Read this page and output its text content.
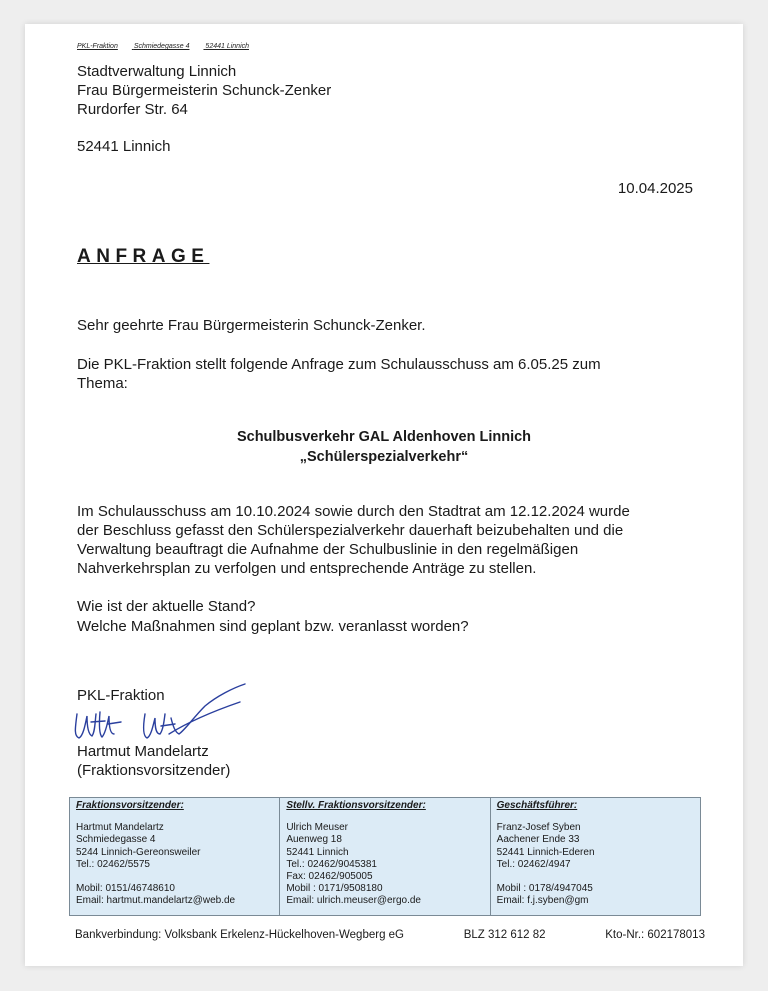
PKL-Fraktion Schmiedegasse 4 52441 Linnich
Stadtverwaltung Linnich
Frau Bürgermeisterin Schunck-Zenker
Rurdorfer Str. 64
52441 Linnich
10.04.2025
ANFRAGE
Sehr geehrte Frau Bürgermeisterin Schunck-Zenker.
Die PKL-Fraktion stellt folgende Anfrage zum Schulausschuss am 6.05.25 zum
Thema:
Schulbusverkehr GAL Aldenhoven Linnich
„Schülerspezialverkehr“
Im Schulausschuss am 10.10.2024 sowie durch den Stadtrat am 12.12.2024 wurde
der Beschluss gefasst den Schülerspezialverkehr dauerhaft beizubehalten und die
Verwaltung beauftragt die Aufnahme der Schulbuslinie in den regelmäßigen
Nahverkehrsplan zu verfolgen und entsprechende Anträge zu stellen.
Wie ist der aktuelle Stand?
Welche Maßnahmen sind geplant bzw. veranlasst worden?
PKL-Fraktion
Hartmut Mandelartz
(Fraktionsvorsitzender)
Fraktionsvorsitzender:
Hartmut Mandelartz
Schmiedegasse 4
5244 Linnich-Gereonsweiler
Tel.: 02462/5575
Mobil: 0151/46748610
Email: hartmut.mandelartz@web.de
Stellv. Fraktionsvorsitzender:
Ulrich Meuser
Auenweg 18
52441 Linnich
Tel.: 02462/9045381
Fax: 02462/905005
Mobil : 0171/9508180
Email: ulrich.meuser@ergo.de
Geschäftsführer:
Franz-Josef Syben
Aachener Ende 33
52441 Linnich-Ederen
Tel.: 02462/4947
Mobil : 0178/4947045
Email: f.j.syben@gm
Bankverbindung: Volksbank Erkelenz-Hückelhoven-Wegberg eG	BLZ 312 612 82	Kto-Nr.: 602178013
